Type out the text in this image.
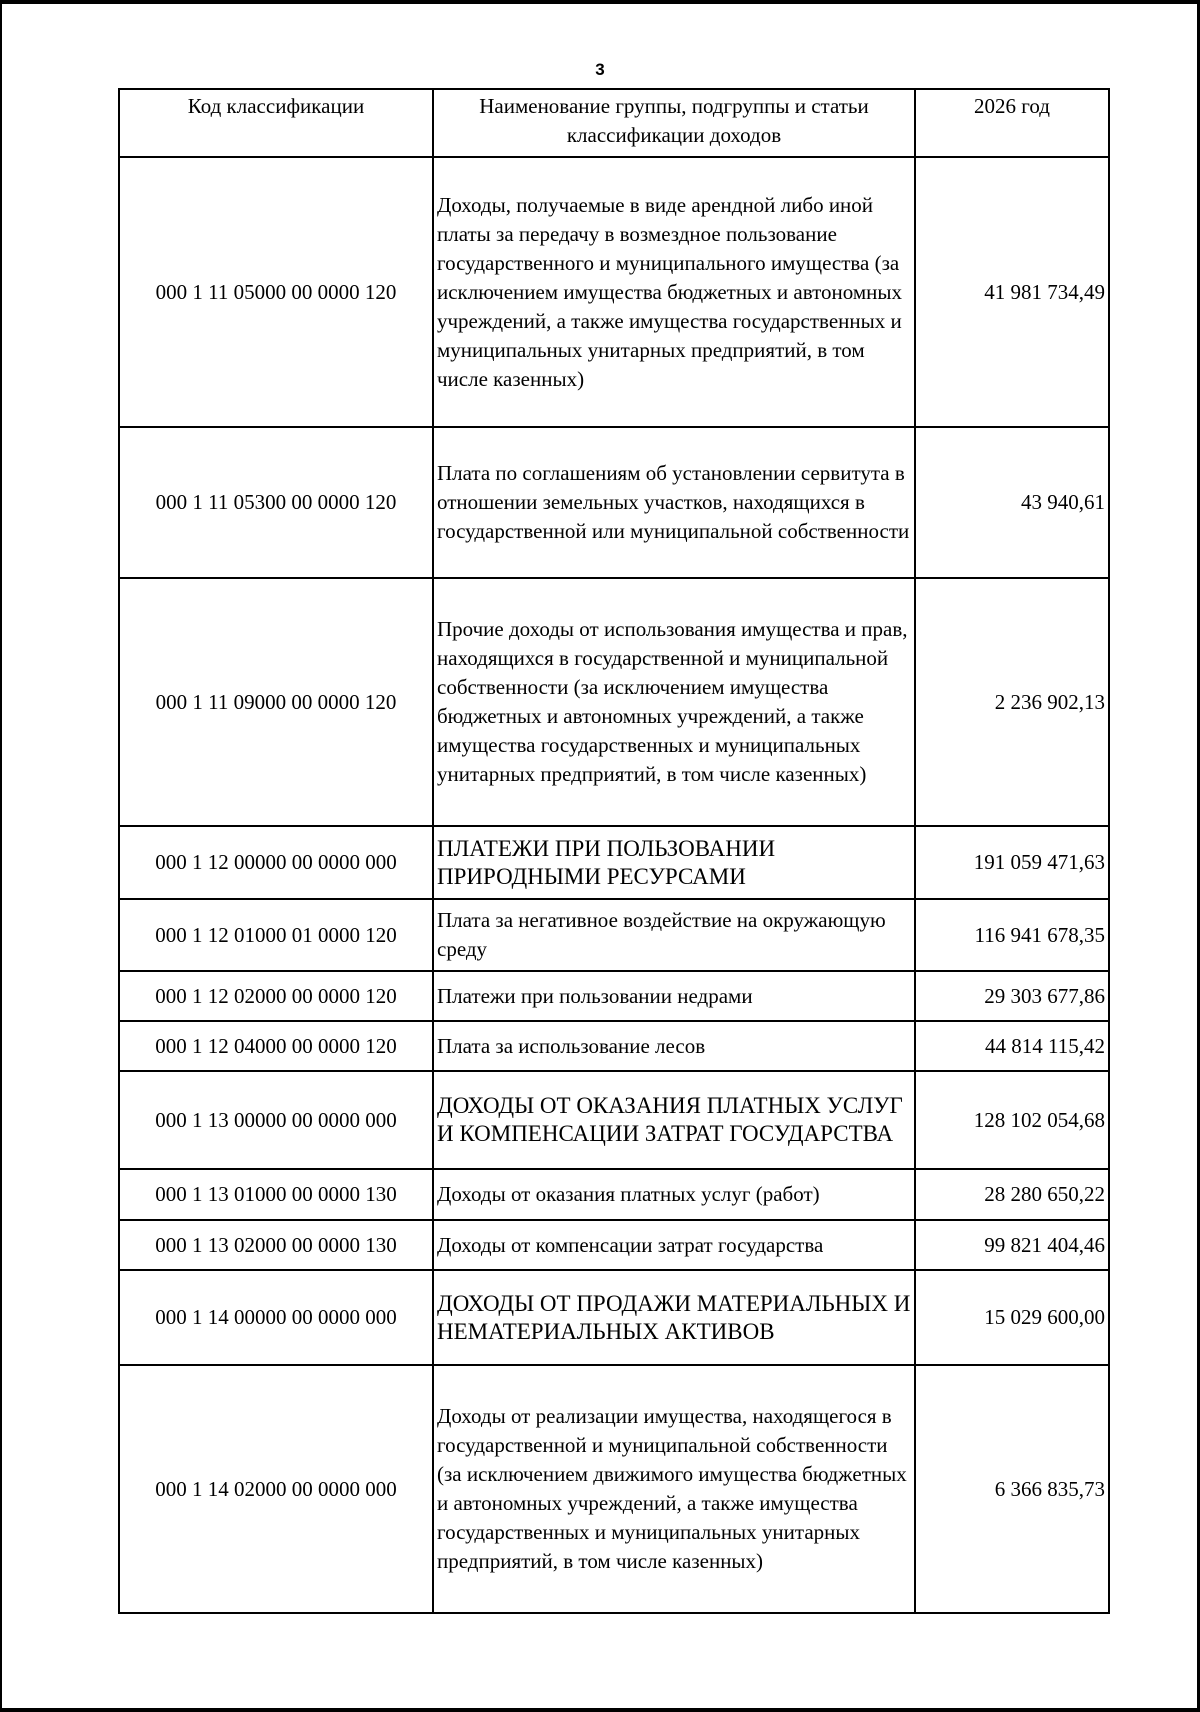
3
Код классификации	Наименование группы, подгруппы и статьи классификации доходов	2026 год
000 1 11 05000 00 0000 120	Доходы, получаемые в виде арендной либо иной платы за передачу в возмездное пользование государственного и муниципального имущества (за исключением имущества бюджетных и автономных учреждений, а также имущества государственных и муниципальных унитарных предприятий, в том числе казенных)	41 981 734,49
000 1 11 05300 00 0000 120	Плата по соглашениям об установлении сервитута в отношении земельных участков, находящихся в государственной или муниципальной собственности	43 940,61
000 1 11 09000 00 0000 120	Прочие доходы от использования имущества и прав, находящихся в государственной и муниципальной собственности (за исключением имущества бюджетных и автономных учреждений, а также имущества государственных и муниципальных унитарных предприятий, в том числе казенных)	2 236 902,13
000 1 12 00000 00 0000 000	ПЛАТЕЖИ ПРИ ПОЛЬЗОВАНИИ ПРИРОДНЫМИ РЕСУРСАМИ	191 059 471,63
000 1 12 01000 01 0000 120	Плата за негативное воздействие на окружающую среду	116 941 678,35
000 1 12 02000 00 0000 120	Платежи при пользовании недрами	29 303 677,86
000 1 12 04000 00 0000 120	Плата за использование лесов	44 814 115,42
000 1 13 00000 00 0000 000	ДОХОДЫ ОТ ОКАЗАНИЯ ПЛАТНЫХ УСЛУГ И КОМПЕНСАЦИИ ЗАТРАТ ГОСУДАРСТВА	128 102 054,68
000 1 13 01000 00 0000 130	Доходы от оказания платных услуг (работ)	28 280 650,22
000 1 13 02000 00 0000 130	Доходы от компенсации затрат государства	99 821 404,46
000 1 14 00000 00 0000 000	ДОХОДЫ ОТ ПРОДАЖИ МАТЕРИАЛЬНЫХ И НЕМАТЕРИАЛЬНЫХ АКТИВОВ	15 029 600,00
000 1 14 02000 00 0000 000	Доходы от реализации имущества, находящегося в государственной и муниципальной собственности (за исключением движимого имущества бюджетных и автономных учреждений, а также имущества государственных и муниципальных унитарных предприятий, в том числе казенных)	6 366 835,73
